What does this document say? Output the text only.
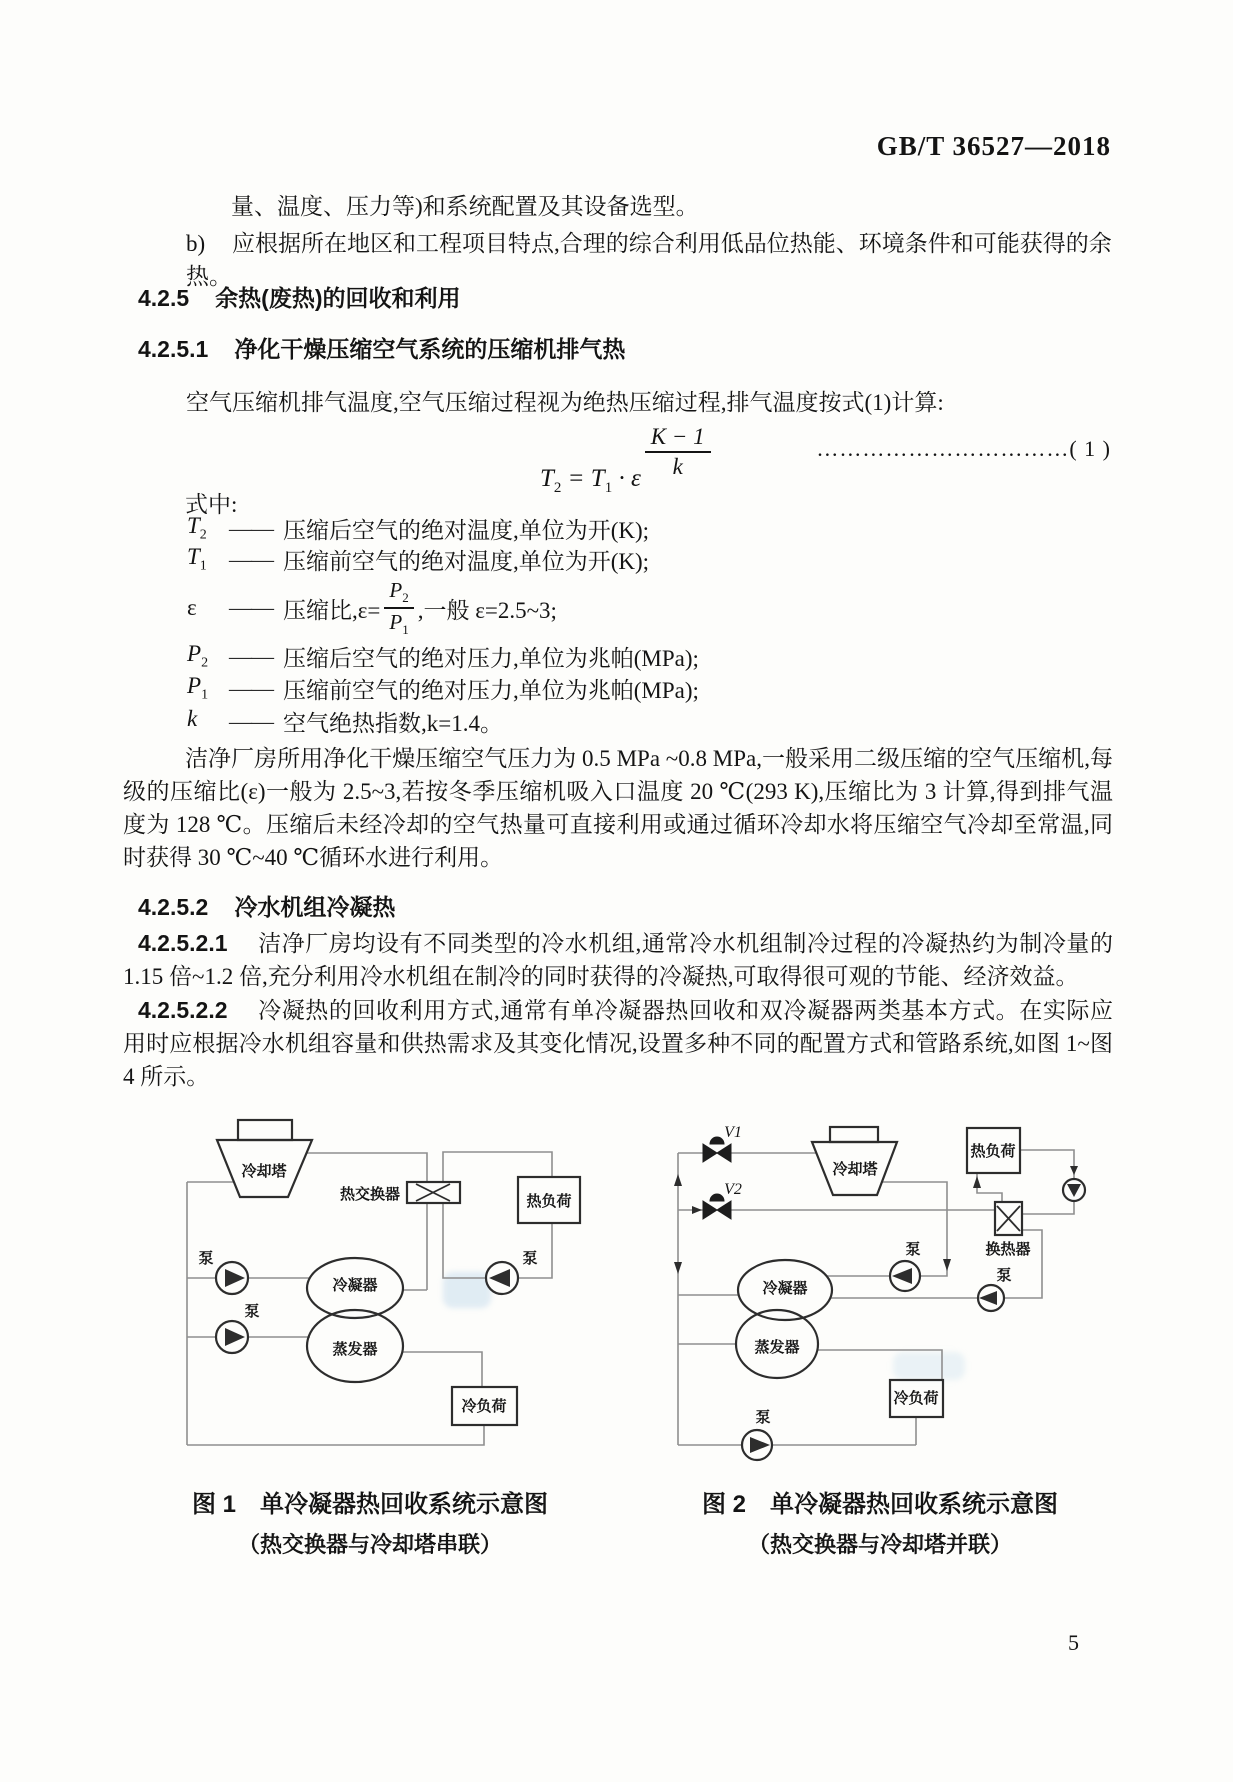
GB/T 36527—2018
量、温度、压力等)和系统配置及其设备选型。
b) 应根据所在地区和工程项目特点,合理的综合利用低品位热能、环境条件和可能获得的余热。
4.2.5 余热(废热)的回收和利用
4.2.5.1 净化干燥压缩空气系统的压缩机排气热
空气压缩机排气温度,空气压缩过程视为绝热压缩过程,排气温度按式(1)计算:
$T_2 = T_1 \cdot \varepsilon \frac{K - 1}{k}$	……………………………( 1 )
式中:
$T_2$ —— 压缩后空气的绝对温度,单位为开(K);
$T_1$ —— 压缩前空气的绝对温度,单位为开(K);
ε	—— 压缩比$,\varepsilon= \frac{P_2}{P_1}$ ,一般 ε=2.5~3;
$P_2$ —— 压缩后空气的绝对压力,单位为兆帕(MPa);
$P_1$ —— 压缩前空气的绝对压力,单位为兆帕(MPa);
k	—— 空气绝热指数,k=1.4。
洁净厂房所用净化干燥压缩空气压力为 0.5 MPa ~0.8 MPa,一般采用二级压缩的空气压缩机,每级的压缩比(ε)一般为 2.5~3,若按冬季压缩机吸入口温度 20 ℃(293 K),压缩比为 3 计算,得到排气温度为 128 ℃。压缩后未经冷却的空气热量可直接利用或通过循环冷却水将压缩空气冷却至常温,同时获得 30 ℃~40 ℃循环水进行利用。
4.2.5.2 冷水机组冷凝热
4.2.5.2.1 洁净厂房均设有不同类型的冷水机组,通常冷水机组制冷过程的冷凝热约为制冷量的 1.15 倍~1.2 倍,充分利用冷水机组在制冷的同时获得的冷凝热,可取得很可观的节能、经济效益。
4.2.5.2.2 冷凝热的回收利用方式,通常有单冷凝器热回收和双冷凝器两类基本方式。在实际应用时应根据冷水机组容量和供热需求及其变化情况,设置多种不同的配置方式和管路系统,如图 1~图 4 所示。
冷却塔
热交换器	热负荷
冷凝器
蒸发器
冷负荷
泵
泵
泵
V1
V2
冷却塔
热负荷
换热器
冷凝器
蒸发器
冷负荷
泵
泵
泵
图 1　单冷凝器热回收系统示意图
（热交换器与冷却塔串联）
图 2　单冷凝器热回收系统示意图
（热交换器与冷却塔并联）
5
